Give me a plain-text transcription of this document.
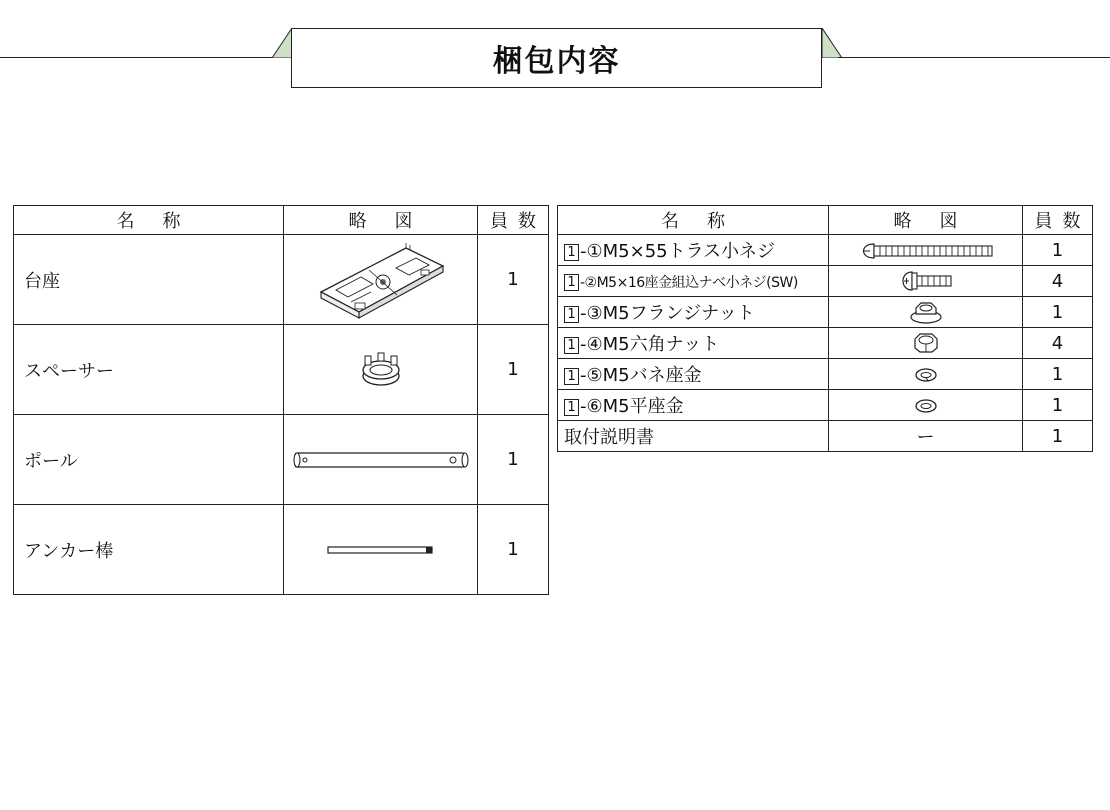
梱包内容
名称	略図	員数
台座		1
スペーサー		1
ポール		1
アンカー棒		1
名称	略図	員数
1 -①M5×55トラス小ネジ		1
1 -②M5×16座金組込ナベ小ネジ(SW)		4
1 -③M5フランジナット		1
1 -④M5六角ナット		4
1 -⑤M5バネ座金		1
1 -⑥M5平座金		1
取付説明書	ー	1
